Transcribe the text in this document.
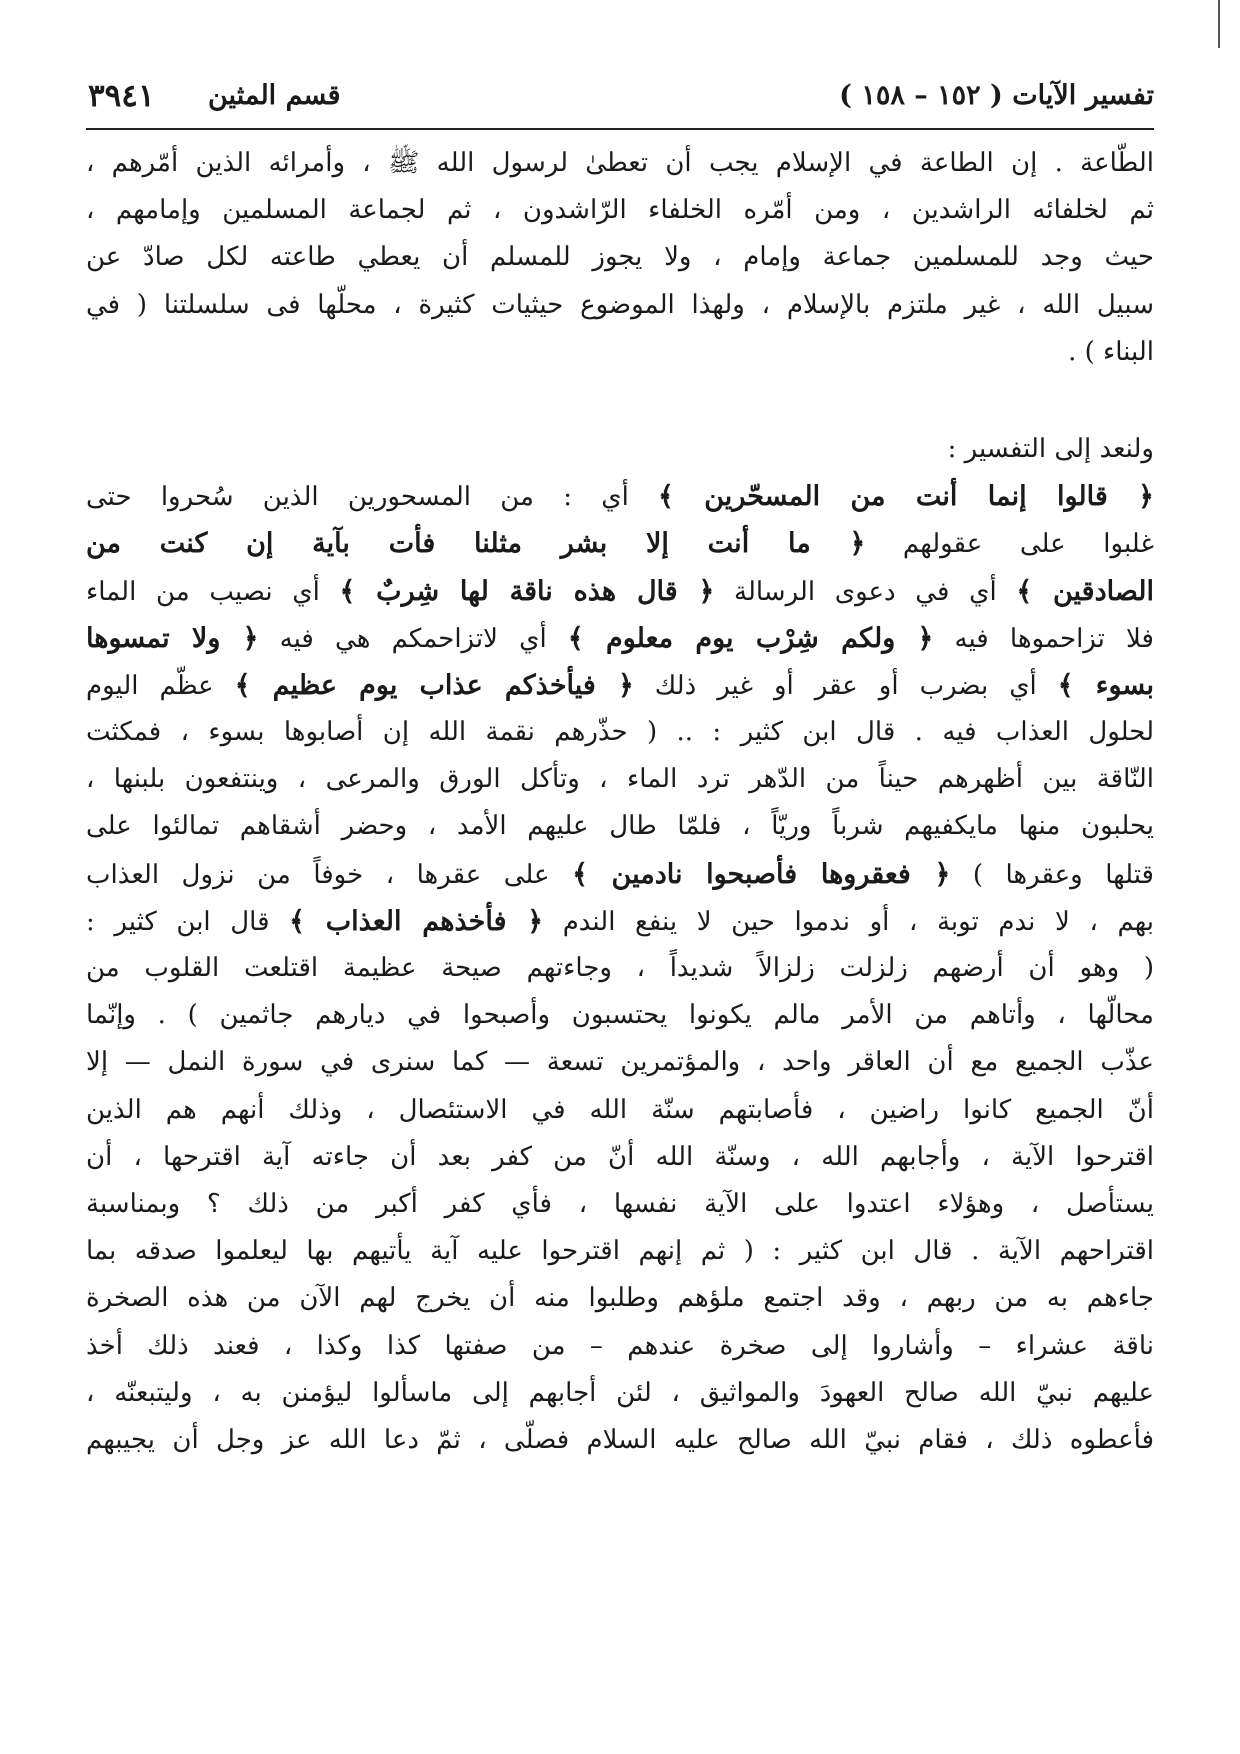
تفسير الآيات ( ١٥٢ – ١٥٨ )
قسم المثين
٣٩٤١
الطّاعة . إن الطاعة في الإسلام يجب أن تعطىٰ لرسول الله ﷺ ، وأمرائه الذين أمّرهم ،
ثم لخلفائه الراشدين ، ومن أمّره الخلفاء الرّاشدون ، ثم لجماعة المسلمين وإمامهم ،
حيث وجد للمسلمين جماعة وإمام ، ولا يجوز للمسلم أن يعطي طاعته لكل صادّ عن
سبيل الله ، غير ملتزم بالإسلام ، ولهذا الموضوع حيثيات كثيرة ، محلّها فى سلسلتنا ( في
البناء ) .
ولنعد إلى التفسير :
﴿ قالوا إنما أنت من المسحّرين ﴾ أي : من المسحورين الذين سُحروا حتى
غلبوا على عقولهم ﴿ ما أنت إلا بشر مثلنا فأت بآية إن كنت من
الصادقين ﴾ أي في دعوى الرسالة ﴿ قال هذه ناقة لها شِربٌ ﴾ أي نصيب من الماء
فلا تزاحموها فيه ﴿ ولكم شِرْب يوم معلوم ﴾ أي لاتزاحمكم هي فيه ﴿ ولا تمسوها
بسوء ﴾ أي بضرب أو عقر أو غير ذلك ﴿ فيأخذكم عذاب يوم عظيم ﴾ عظّم اليوم
لحلول العذاب فيه . قال ابن كثير : .. ( حذّرهم نقمة الله إن أصابوها بسوء ، فمكثت
النّاقة بين أظهرهم حيناً من الدّهر ترد الماء ، وتأكل الورق والمرعى ، وينتفعون بلبنها ،
يحلبون منها مايكفيهم شرباً وريّاً ، فلمّا طال عليهم الأمد ، وحضر أشقاهم تمالئوا على
قتلها وعقرها ) ﴿ فعقروها فأصبحوا نادمين ﴾ على عقرها ، خوفاً من نزول العذاب
بهم ، لا ندم توبة ، أو ندموا حين لا ينفع الندم ﴿ فأخذهم العذاب ﴾ قال ابن كثير :
( وهو أن أرضهم زلزلت زلزالاً شديداً ، وجاءتهم صيحة عظيمة اقتلعت القلوب من
محالّها ، وأتاهم من الأمر مالم يكونوا يحتسبون وأصبحوا في ديارهم جاثمين ) . وإنّما
عذّب الجميع مع أن العاقر واحد ، والمؤتمرين تسعة — كما سنرى في سورة النمل — إلا
أنّ الجميع كانوا راضين ، فأصابتهم سنّة الله في الاستئصال ، وذلك أنهم هم الذين
اقترحوا الآية ، وأجابهم الله ، وسنّة الله أنّ من كفر بعد أن جاءته آية اقترحها ، أن
يستأصل ، وهؤلاء اعتدوا على الآية نفسها ، فأي كفر أكبر من ذلك ؟ وبمناسبة
اقتراحهم الآية . قال ابن كثير : ( ثم إنهم اقترحوا عليه آية يأتيهم بها ليعلموا صدقه بما
جاءهم به من ربهم ، وقد اجتمع ملؤهم وطلبوا منه أن يخرج لهم الآن من هذه الصخرة
ناقة عشراء – وأشاروا إلى صخرة عندهم – من صفتها كذا وكذا ، فعند ذلك أخذ
عليهم نبيّ الله صالح العهودَ والمواثيق ، لئن أجابهم إلى ماسألوا ليؤمنن به ، وليتبعنّه ،
فأعطوه ذلك ، فقام نبيّ الله صالح عليه السلام فصلّى ، ثمّ دعا الله عز وجل أن يجيبهم
